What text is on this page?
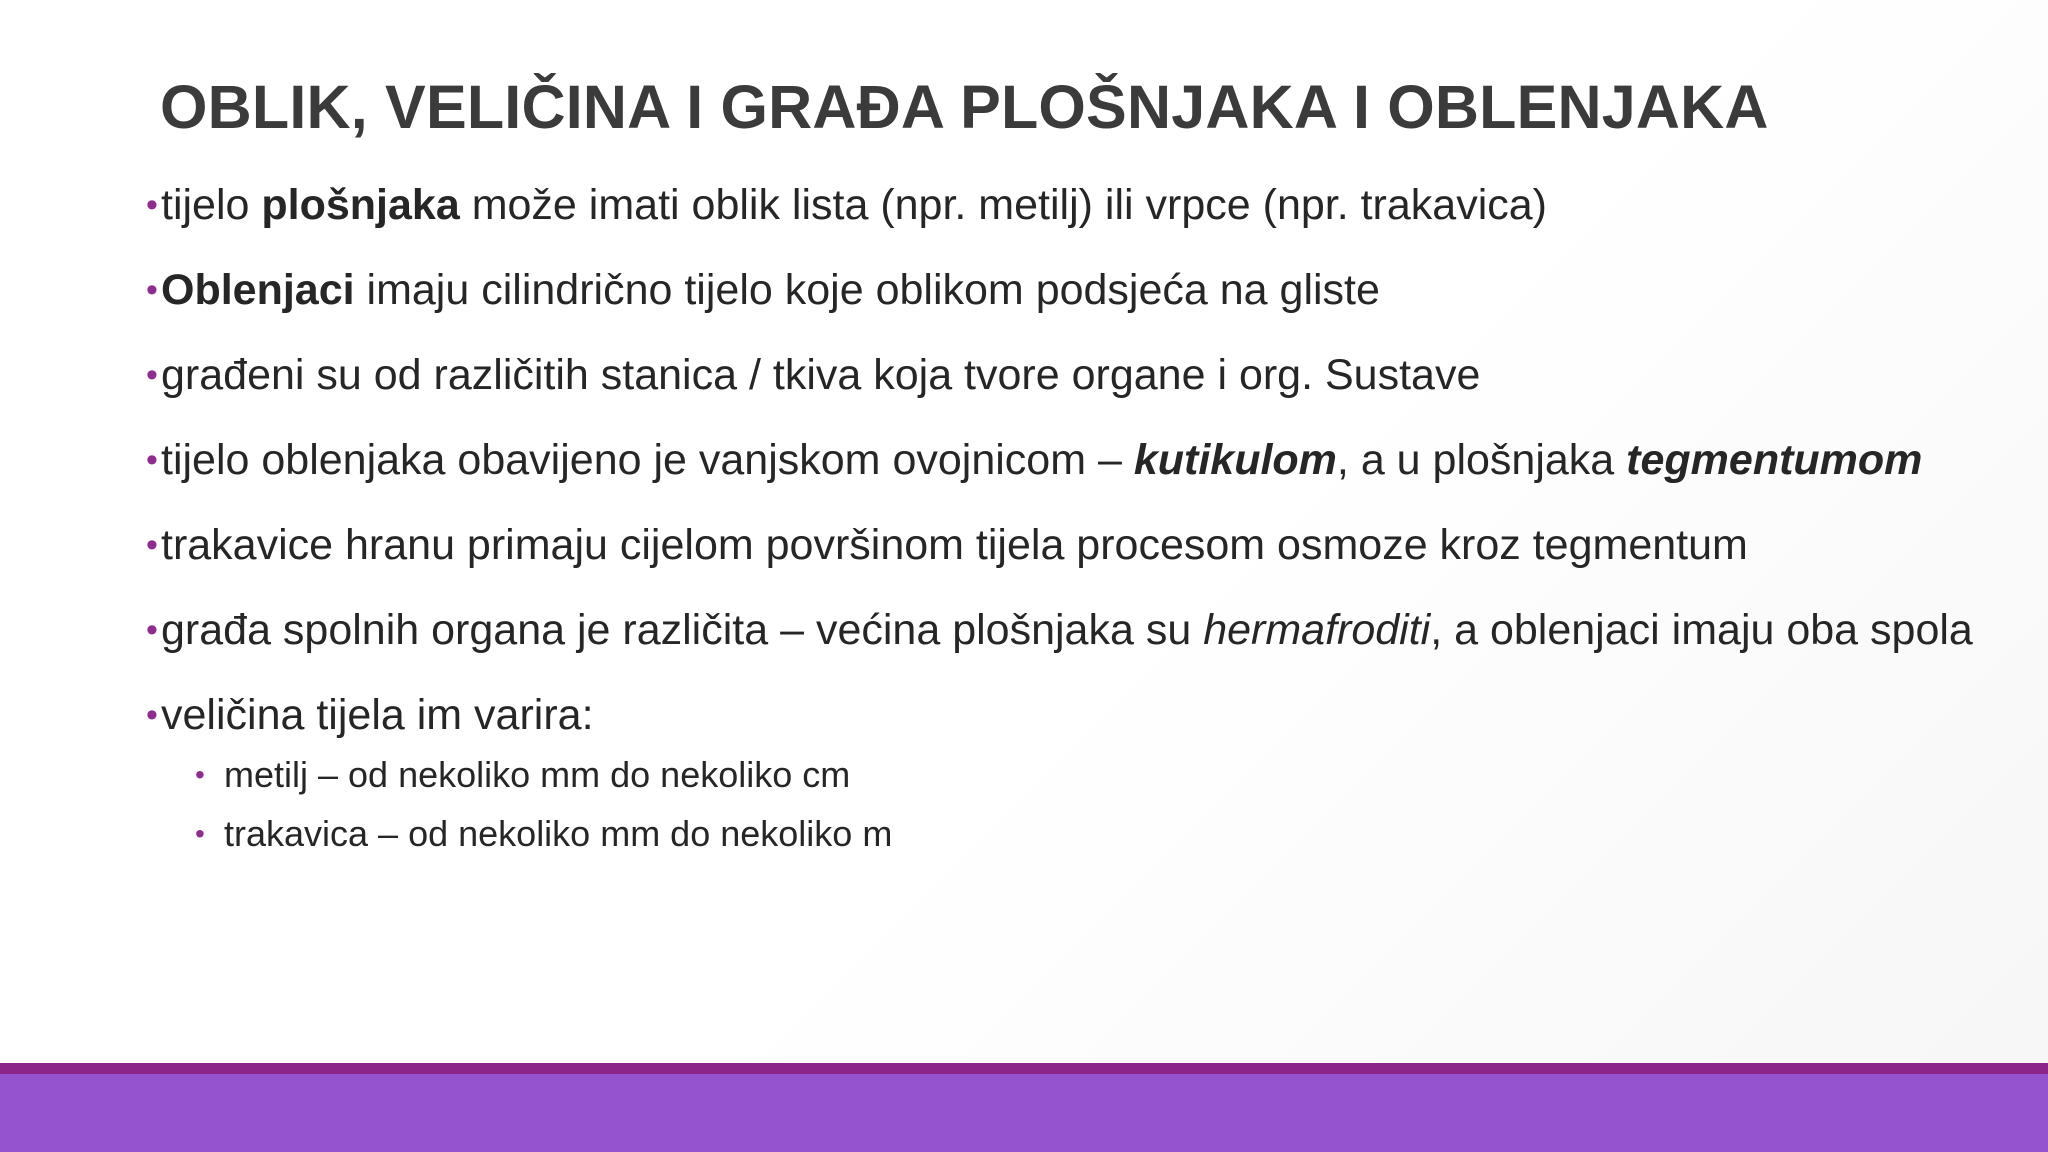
OBLIK, VELIČINA I GRAĐA PLOŠNJAKA I OBLENJAKA
• tijelo plošnjaka može imati oblik lista (npr. metilj) ili vrpce (npr. trakavica)
• Oblenjaci imaju cilindrično tijelo koje oblikom podsjeća na gliste
• građeni su od različitih stanica / tkiva koja tvore organe i org. Sustave
• tijelo oblenjaka obavijeno je vanjskom ovojnicom – kutikulom, a u plošnjaka tegmentumom
• trakavice hranu primaju cijelom površinom tijela procesom osmoze kroz tegmentum
• građa spolnih organa je različita – većina plošnjaka su hermafroditi, a oblenjaci imaju oba spola
• veličina tijela im varira:
• metilj – od nekoliko mm do nekoliko cm
• trakavica – od nekoliko mm do nekoliko m
